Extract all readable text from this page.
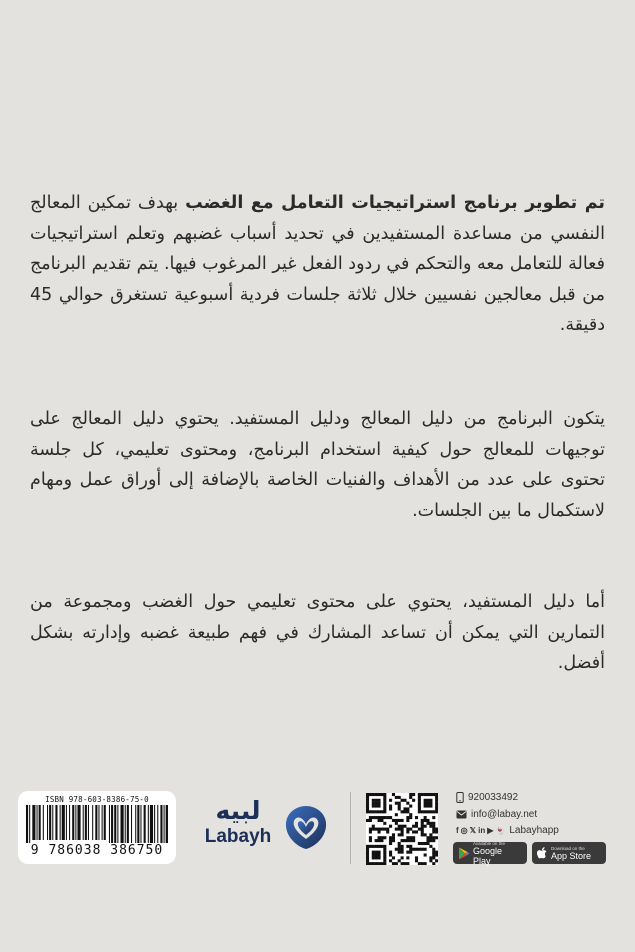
تم تطوير برنامج استراتيجيات التعامل مع الغضب بهدف تمكين المعالج النفسي من مساعدة المستفيدين في تحديد أسباب غضبهم وتعلم استراتيجيات فعالة للتعامل معه والتحكم في ردود الفعل غير المرغوب فيها. يتم تقديم البرنامج من قبل معالجين نفسيين خلال ثلاثة جلسات فردية أسبوعية تستغرق حوالي 45 دقيقة.

يتكون البرنامج من دليل المعالج ودليل المستفيد. يحتوي دليل المعالج على توجيهات للمعالج حول كيفية استخدام البرنامج، ومحتوى تعليمي، كل جلسة تحتوى على عدد من الأهداف والفنيات الخاصة بالإضافة إلى أوراق عمل ومهام لاستكمال ما بين الجلسات.

أما دليل المستفيد، يحتوي على محتوى تعليمي حول الغضب ومجموعة من التمارين التي يمكن أن تساعد المشارك في فهم طبيعة غضبه وإدارته بشكل أفضل.

ISBN 978-603-8386-75-0
9 786038 386750
لبيه
Labayh
920033492
info@labay.net
f ◎ 𝕏 in ▶ 👻 Labayhapp
Available on the
Google Play
Download on the
App Store
